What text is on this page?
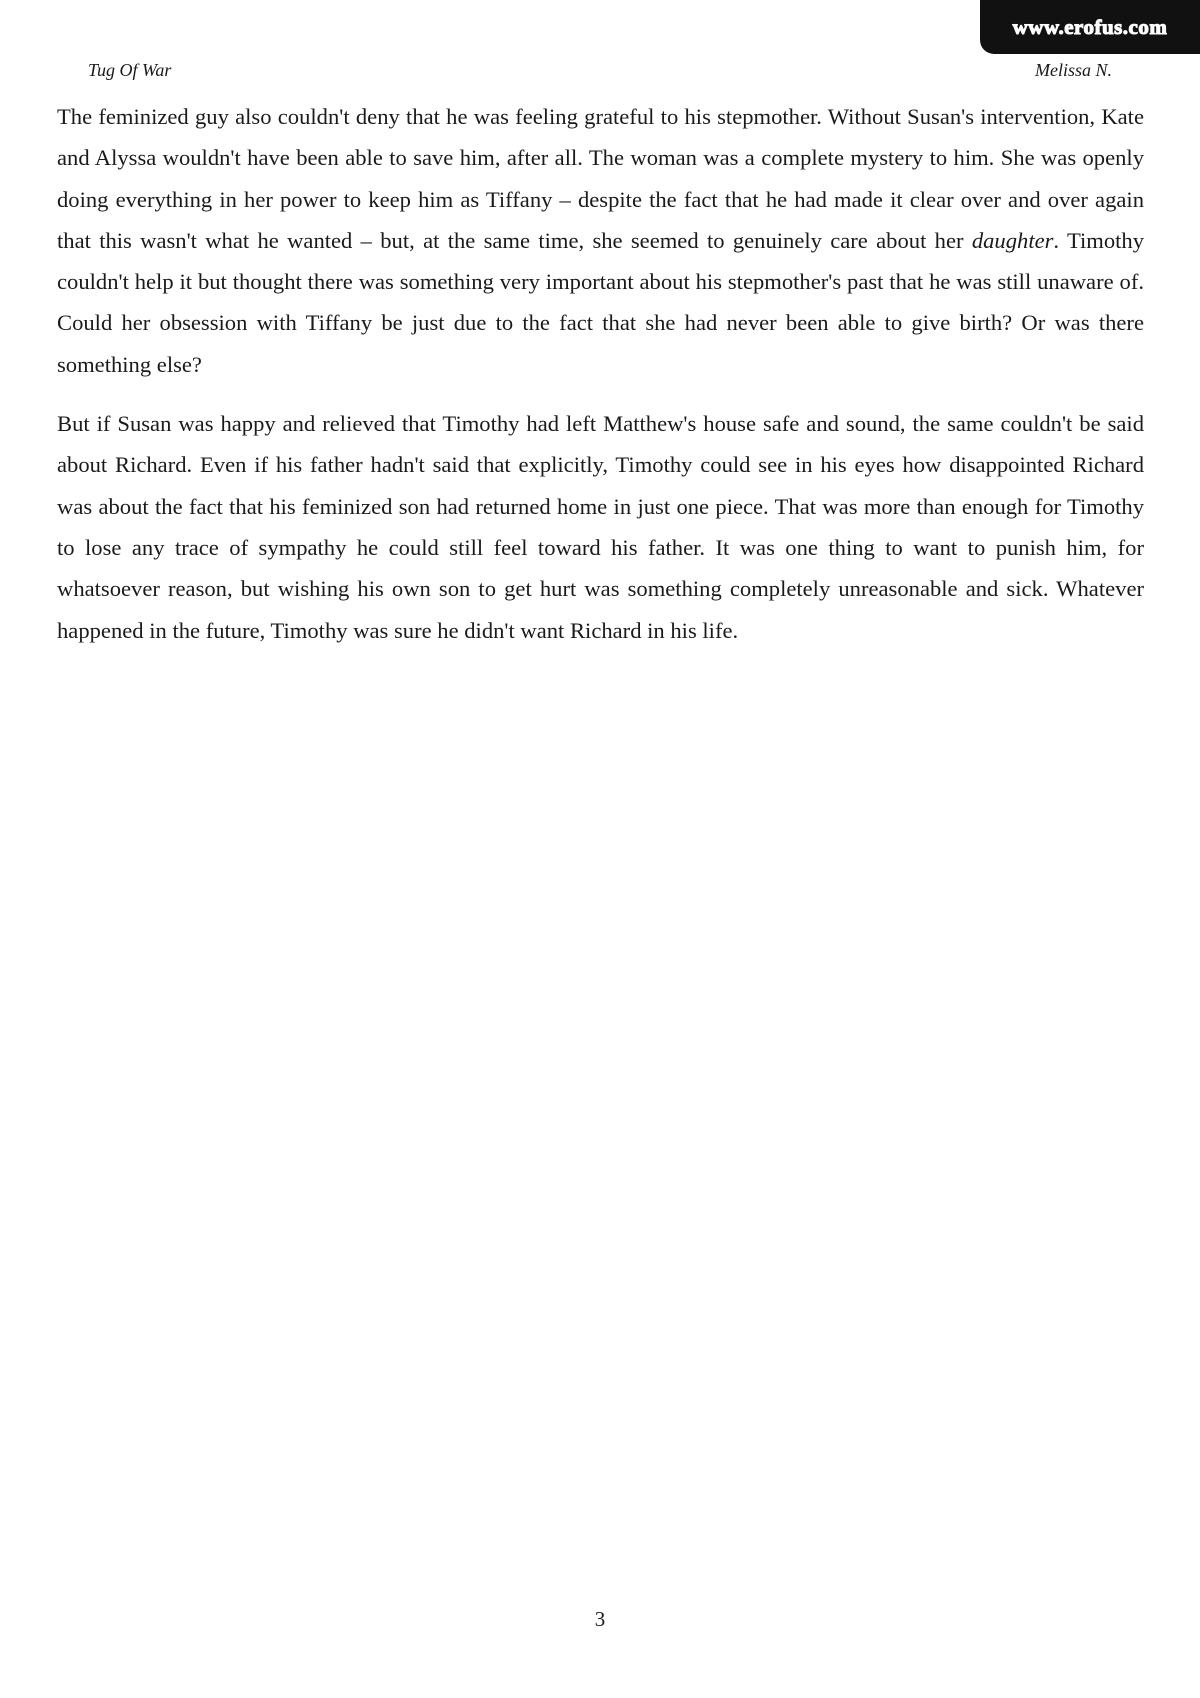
www.erofus.com
Tug Of War	Melissa N.

The feminized guy also couldn't deny that he was feeling grateful to his stepmother. Without Susan's intervention, Kate and Alyssa wouldn't have been able to save him, after all. The woman was a complete mystery to him. She was openly doing everything in her power to keep him as Tiffany – despite the fact that he had made it clear over and over again that this wasn't what he wanted – but, at the same time, she seemed to genuinely care about her daughter. Timothy couldn't help it but thought there was something very important about his stepmother's past that he was still unaware of. Could her obsession with Tiffany be just due to the fact that she had never been able to give birth? Or was there something else?

But if Susan was happy and relieved that Timothy had left Matthew's house safe and sound, the same couldn't be said about Richard. Even if his father hadn't said that explicitly, Timothy could see in his eyes how disappointed Richard was about the fact that his feminized son had returned home in just one piece. That was more than enough for Timothy to lose any trace of sympathy he could still feel toward his father. It was one thing to want to punish him, for whatsoever reason, but wishing his own son to get hurt was something completely unreasonable and sick. Whatever happened in the future, Timothy was sure he didn't want Richard in his life.

3
